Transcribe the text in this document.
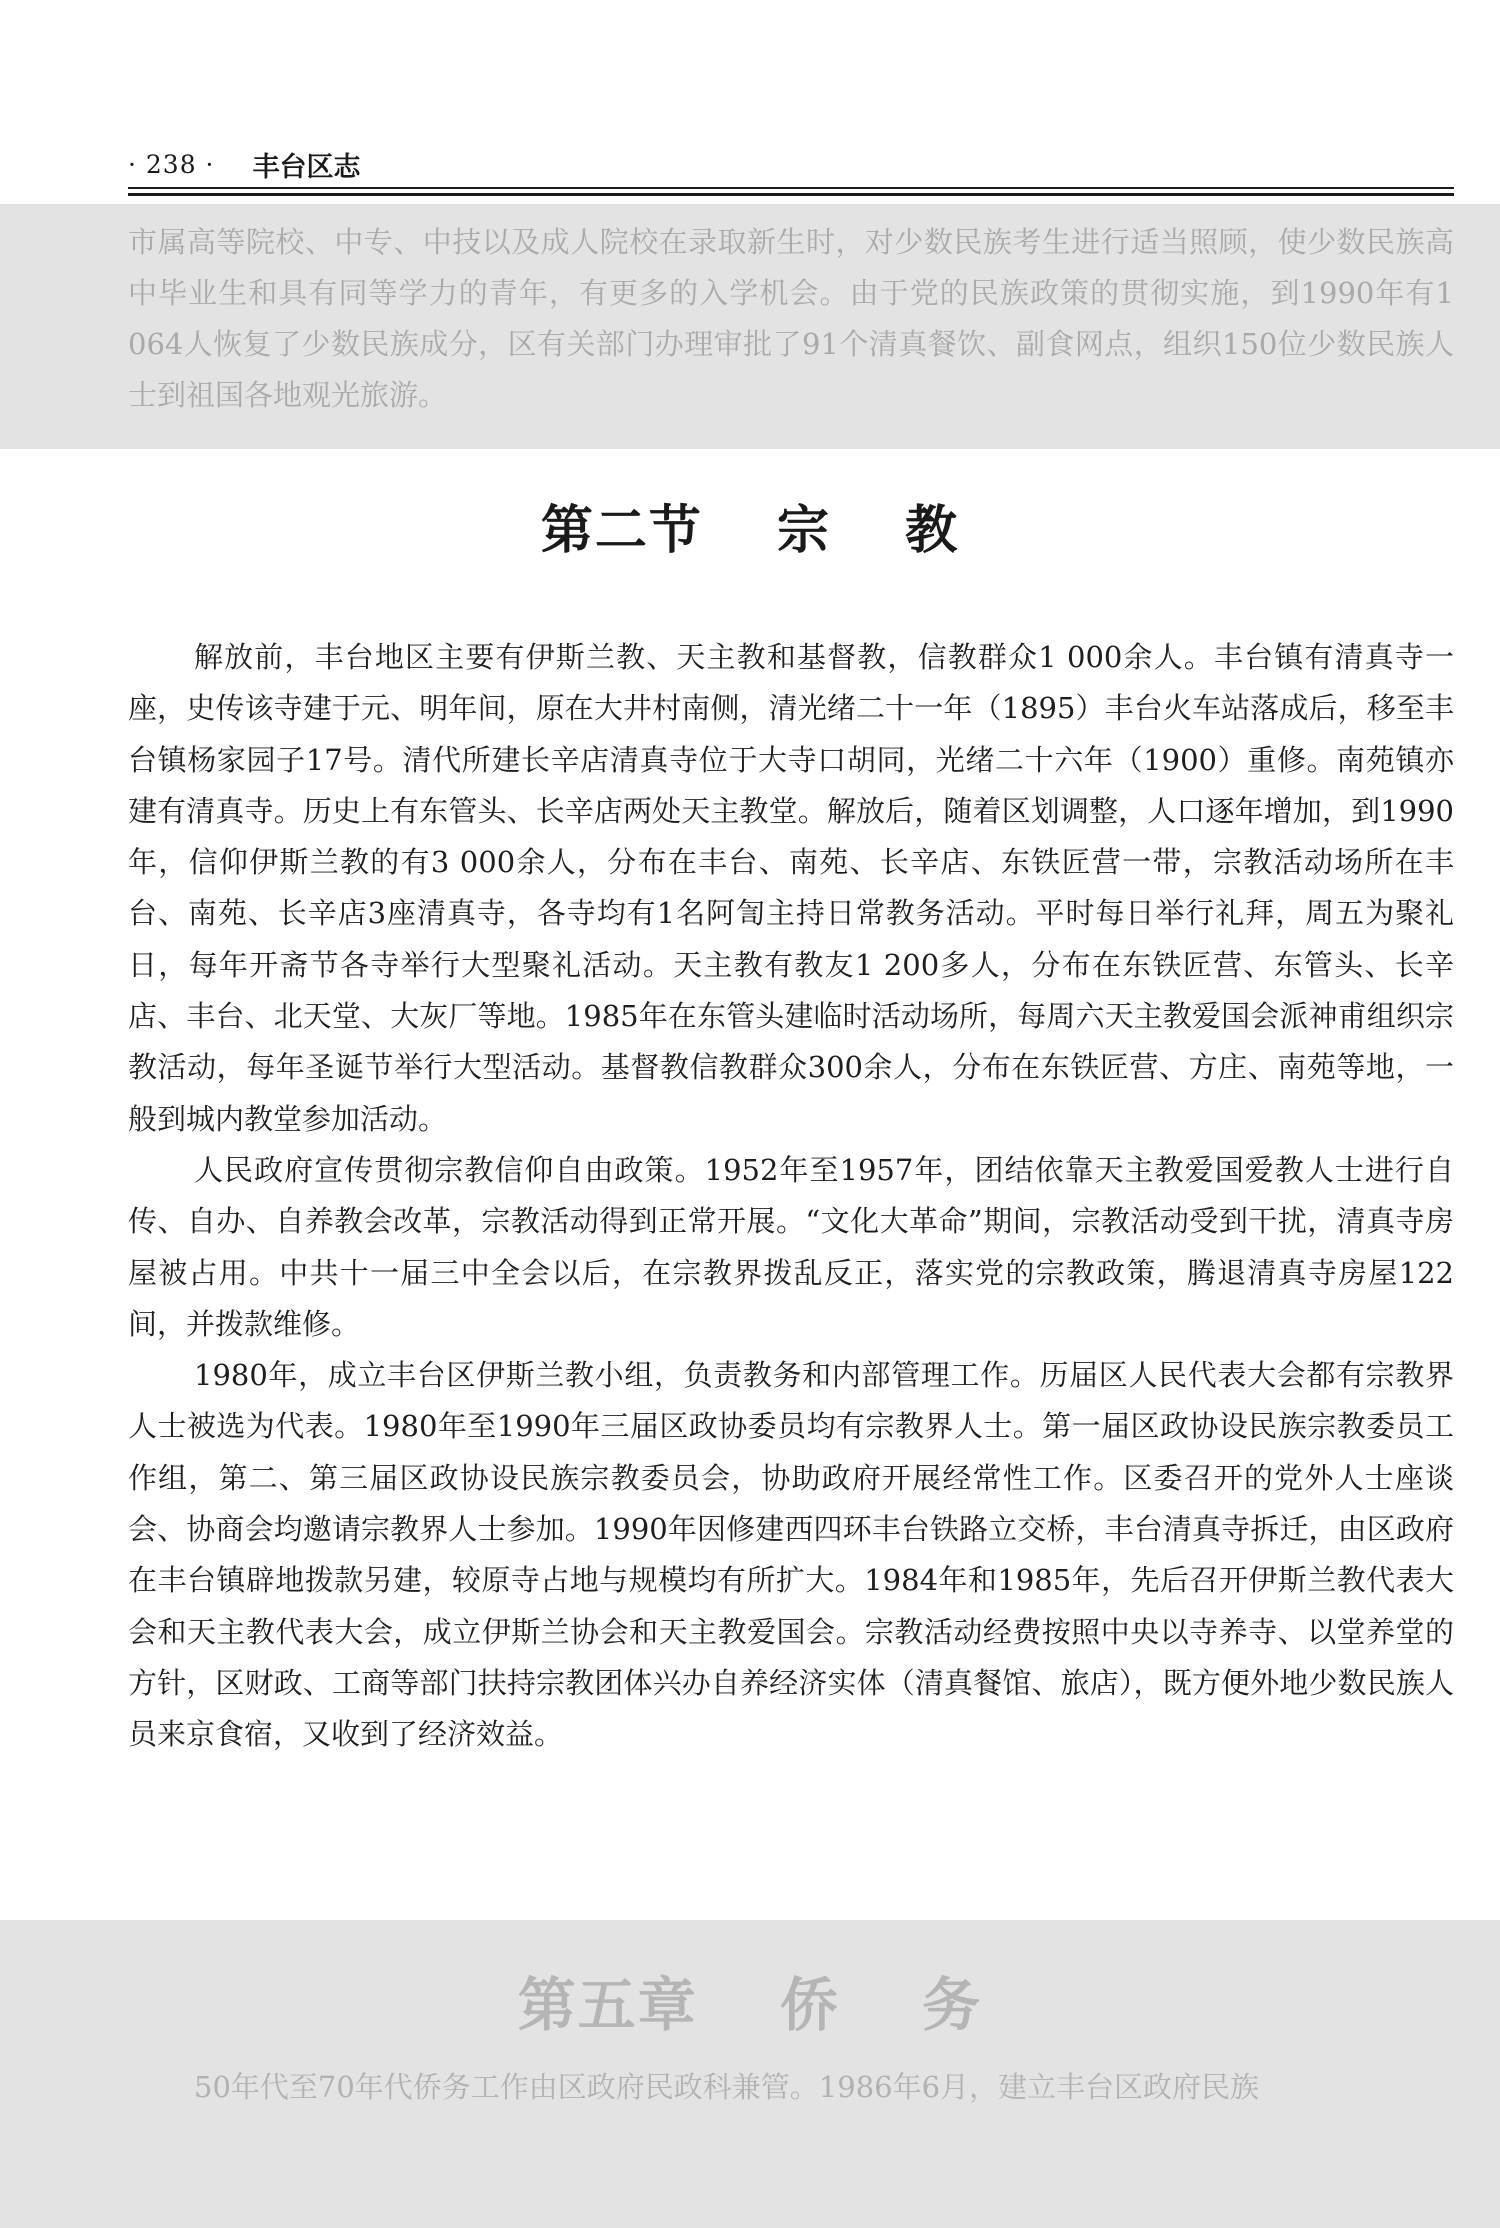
· 238 · 丰台区志

市属高等院校、中专、中技以及成人院校在录取新生时，对少数民族考生进行适当照顾，使少数民族高中毕业生和具有同等学力的青年，有更多的入学机会。由于党的民族政策的贯彻实施，到1990年有1 064人恢复了少数民族成分，区有关部门办理审批了91个清真餐饮、副食网点，组织150位少数民族人士到祖国各地观光旅游。

第二节　 宗　 教

解放前，丰台地区主要有伊斯兰教、天主教和基督教，信教群众1 000余人。丰台镇有清真寺一座，史传该寺建于元、明年间，原在大井村南侧，清光绪二十一年（1895）丰台火车站落成后，移至丰台镇杨家园子17号。清代所建长辛店清真寺位于大寺口胡同，光绪二十六年（1900）重修。南苑镇亦建有清真寺。历史上有东管头、长辛店两处天主教堂。解放后，随着区划调整，人口逐年增加，到1990年，信仰伊斯兰教的有3 000余人，分布在丰台、南苑、长辛店、东铁匠营一带，宗教活动场所在丰台、南苑、长辛店3座清真寺，各寺均有1名阿訇主持日常教务活动。平时每日举行礼拜，周五为聚礼日，每年开斋节各寺举行大型聚礼活动。天主教有教友1 200多人，分布在东铁匠营、东管头、长辛店、丰台、北天堂、大灰厂等地。1985年在东管头建临时活动场所，每周六天主教爱国会派神甫组织宗教活动，每年圣诞节举行大型活动。基督教信教群众300余人，分布在东铁匠营、方庄、南苑等地，一般到城内教堂参加活动。

人民政府宣传贯彻宗教信仰自由政策。1952年至1957年，团结依靠天主教爱国爱教人士进行自传、自办、自养教会改革，宗教活动得到正常开展。“文化大革命”期间，宗教活动受到干扰，清真寺房屋被占用。中共十一届三中全会以后，在宗教界拨乱反正，落实党的宗教政策，腾退清真寺房屋122间，并拨款维修。

1980年，成立丰台区伊斯兰教小组，负责教务和内部管理工作。历届区人民代表大会都有宗教界人士被选为代表。1980年至1990年三届区政协委员均有宗教界人士。第一届区政协设民族宗教委员工作组，第二、第三届区政协设民族宗教委员会，协助政府开展经常性工作。区委召开的党外人士座谈会、协商会均邀请宗教界人士参加。1990年因修建西四环丰台铁路立交桥，丰台清真寺拆迁，由区政府在丰台镇辟地拨款另建，较原寺占地与规模均有所扩大。1984年和1985年，先后召开伊斯兰教代表大会和天主教代表大会，成立伊斯兰协会和天主教爱国会。宗教活动经费按照中央以寺养寺、以堂养堂的方针，区财政、工商等部门扶持宗教团体兴办自养经济实体（清真餐馆、旅店），既方便外地少数民族人员来京食宿，又收到了经济效益。

第五章　 侨　 务

50年代至70年代侨务工作由区政府民政科兼管。1986年6月，建立丰台区政府民族
